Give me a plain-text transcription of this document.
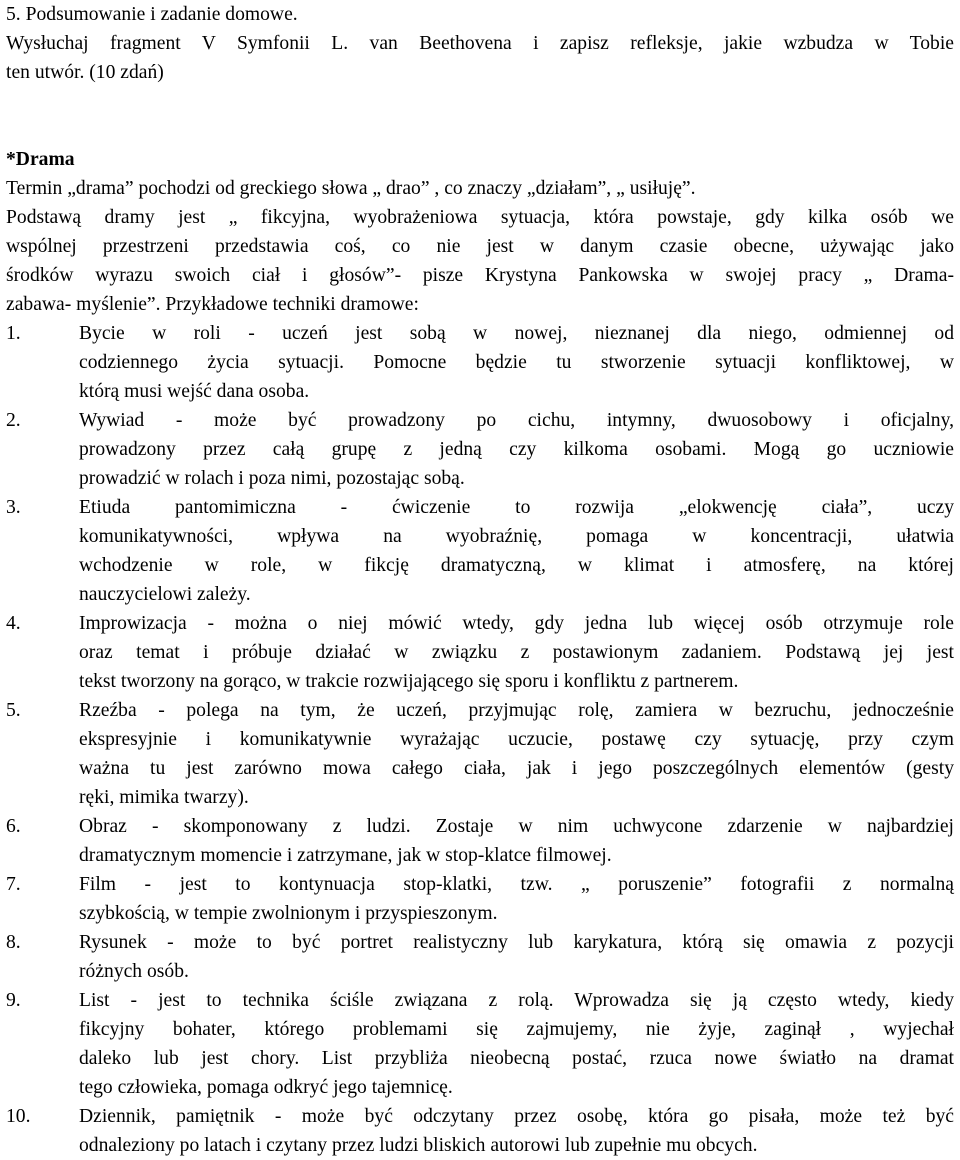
5. Podsumowanie i zadanie domowe.
Wysłuchaj fragment V Symfonii L. van Beethovena i zapisz refleksje, jakie wzbudza w Tobie
ten utwór. (10 zdań)
*Drama
Termin „drama” pochodzi od greckiego słowa „ drao” , co znaczy „działam”, „ usiłuję”.
Podstawą dramy jest „ fikcyjna, wyobrażeniowa sytuacja, która powstaje, gdy kilka osób we
wspólnej przestrzeni przedstawia coś, co nie jest w danym czasie obecne, używając jako
środków wyrazu swoich ciał i głosów”- pisze Krystyna Pankowska w swojej pracy „ Drama-
zabawa- myślenie”. Przykładowe techniki dramowe:
1.	Bycie w roli - uczeń jest sobą w nowej, nieznanej dla niego, odmiennej od
codziennego życia sytuacji. Pomocne będzie tu stworzenie sytuacji konfliktowej, w
którą musi wejść dana osoba.
2.	Wywiad - może być prowadzony po cichu, intymny, dwuosobowy i oficjalny,
prowadzony przez całą grupę z jedną czy kilkoma osobami. Mogą go uczniowie
prowadzić w rolach i poza nimi, pozostając sobą.
3.	Etiuda pantomimiczna - ćwiczenie to rozwija „elokwencję ciała”, uczy
komunikatywności, wpływa na wyobraźnię, pomaga w koncentracji, ułatwia
wchodzenie w role, w fikcję dramatyczną, w klimat i atmosferę, na której
nauczycielowi zależy.
4.	Improwizacja - można o niej mówić wtedy, gdy jedna lub więcej osób otrzymuje role
oraz temat i próbuje działać w związku z postawionym zadaniem. Podstawą jej jest
tekst tworzony na gorąco, w trakcie rozwijającego się sporu i konfliktu z partnerem.
5.	Rzeźba - polega na tym, że uczeń, przyjmując rolę, zamiera w bezruchu, jednocześnie
ekspresyjnie i komunikatywnie wyrażając uczucie, postawę czy sytuację, przy czym
ważna tu jest zarówno mowa całego ciała, jak i jego poszczególnych elementów (gesty
ręki, mimika twarzy).
6.	Obraz - skomponowany z ludzi. Zostaje w nim uchwycone zdarzenie w najbardziej
dramatycznym momencie i zatrzymane, jak w stop-klatce filmowej.
7.	Film - jest to kontynuacja stop-klatki, tzw. „ poruszenie” fotografii z normalną
szybkością, w tempie zwolnionym i przyspieszonym.
8.	Rysunek - może to być portret realistyczny lub karykatura, którą się omawia z pozycji
różnych osób.
9.	List - jest to technika ściśle związana z rolą. Wprowadza się ją często wtedy, kiedy
fikcyjny bohater, którego problemami się zajmujemy, nie żyje, zaginął , wyjechał
daleko lub jest chory. List przybliża nieobecną postać, rzuca nowe światło na dramat
tego człowieka, pomaga odkryć jego tajemnicę.
10.	Dziennik, pamiętnik - może być odczytany przez osobę, która go pisała, może też być
odnaleziony po latach i czytany przez ludzi bliskich autorowi lub zupełnie mu obcych.
